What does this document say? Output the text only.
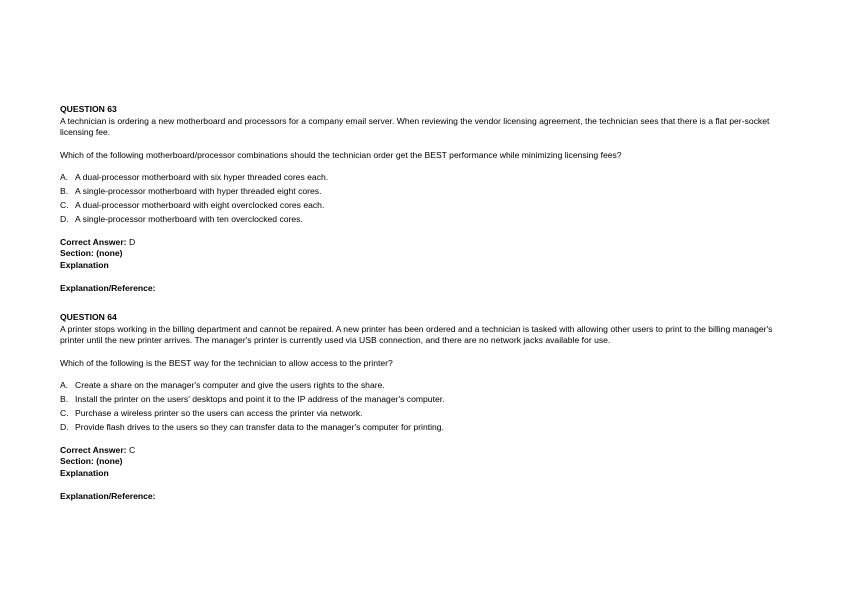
QUESTION 63

A technician is ordering a new motherboard and processors for a company email server. When reviewing the vendor licensing agreement, the technician sees that there is a flat per-socket licensing fee.

Which of the following motherboard/processor combinations should the technician order get the BEST performance while minimizing licensing fees?

A. A dual-processor motherboard with six hyper threaded cores each.
B. A single-processor motherboard with hyper threaded eight cores.
C. A dual-processor motherboard with eight overclocked cores each.
D. A single-processor motherboard with ten overclocked cores.

Correct Answer: D

Section: (none)

Explanation

Explanation/Reference:

QUESTION 64

A printer stops working in the billing department and cannot be repaired. A new printer has been ordered and a technician is tasked with allowing other users to print to the billing manager's printer until the new printer arrives. The manager's printer is currently used via USB connection, and there are no network jacks available for use.

Which of the following is the BEST way for the technician to allow access to the printer?

A. Create a share on the manager's computer and give the users rights to the share.
B. Install the printer on the users' desktops and point it to the IP address of the manager's computer.
C. Purchase a wireless printer so the users can access the printer via network.
D. Provide flash drives to the users so they can transfer data to the manager's computer for printing.

Correct Answer: C

Section: (none)

Explanation

Explanation/Reference:
